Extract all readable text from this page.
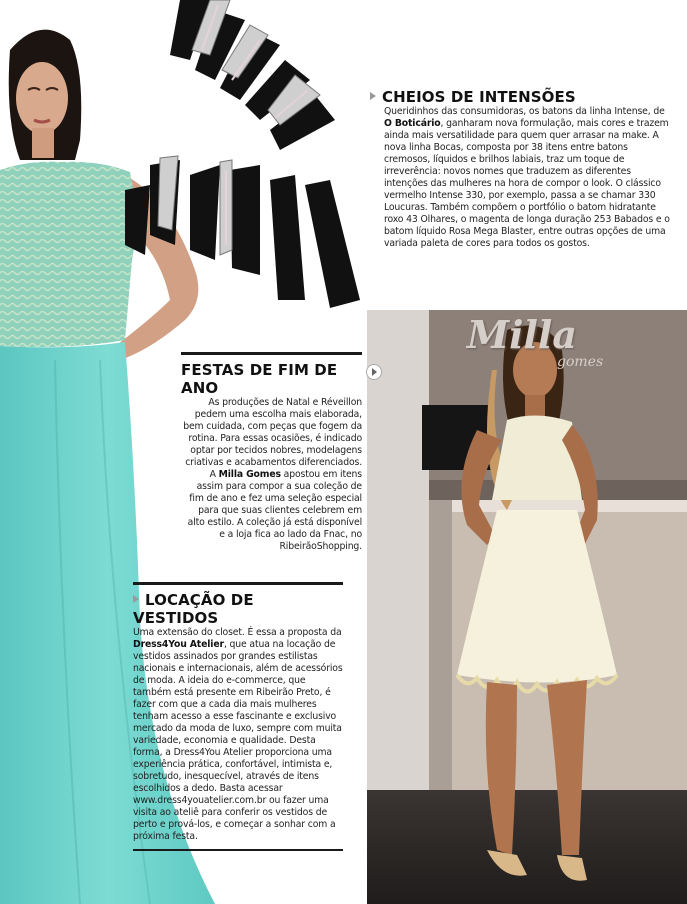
CHEIOS DE INTENSÕES
Queridinhos das consumidoras, os batons da linha Intense, de O Boticário, ganharam nova formulação, mais cores e trazem ainda mais versatilidade para quem quer arrasar na make. A nova linha Bocas, composta por 38 itens entre batons cremosos, líquidos e brilhos labiais, traz um toque de irreverência: novos nomes que traduzem as diferentes intenções das mulheres na hora de compor o look. O clássico vermelho Intense 330, por exemplo, passa a se chamar 330 Loucuras. Também compõem o portfólio o batom hidratante roxo 43 Olhares, o magenta de longa duração 253 Babados e o batom líquido Rosa Mega Blaster, entre outras opções de uma variada paleta de cores para todos os gostos.
FESTAS DE FIM DE ANO
As produções de Natal e Réveillon pedem uma escolha mais elaborada, bem cuidada, com peças que fogem da rotina. Para essas ocasiões, é indicado optar por tecidos nobres, modelagens criativas e acabamentos diferenciados. A Milla Gomes apostou em itens assim para compor a sua coleção de fim de ano e fez uma seleção especial para que suas clientes celebrem em alto estilo. A coleção já está disponível e a loja fica ao lado da Fnac, no RibeirãoShopping.
LOCAÇÃO DE VESTIDOS
Uma extensão do closet. É essa a proposta da Dress4You Atelier, que atua na locação de vestidos assinados por grandes estilistas nacionais e internacionais, além de acessórios de moda. A ideia do e-commerce, que também está presente em Ribeirão Preto, é fazer com que a cada dia mais mulheres tenham acesso a esse fascinante e exclusivo mercado da moda de luxo, sempre com muita variedade, economia e qualidade. Desta forma, a Dress4You Atelier proporciona uma experiência prática, confortável, intimista e, sobretudo, inesquecível, através de itens escolhidos a dedo. Basta acessar www.dress4youatelier.com.br ou fazer uma visita ao ateliê para conferir os vestidos de perto e prová-los, e começar a sonhar com a próxima festa.
Milla
gomes
